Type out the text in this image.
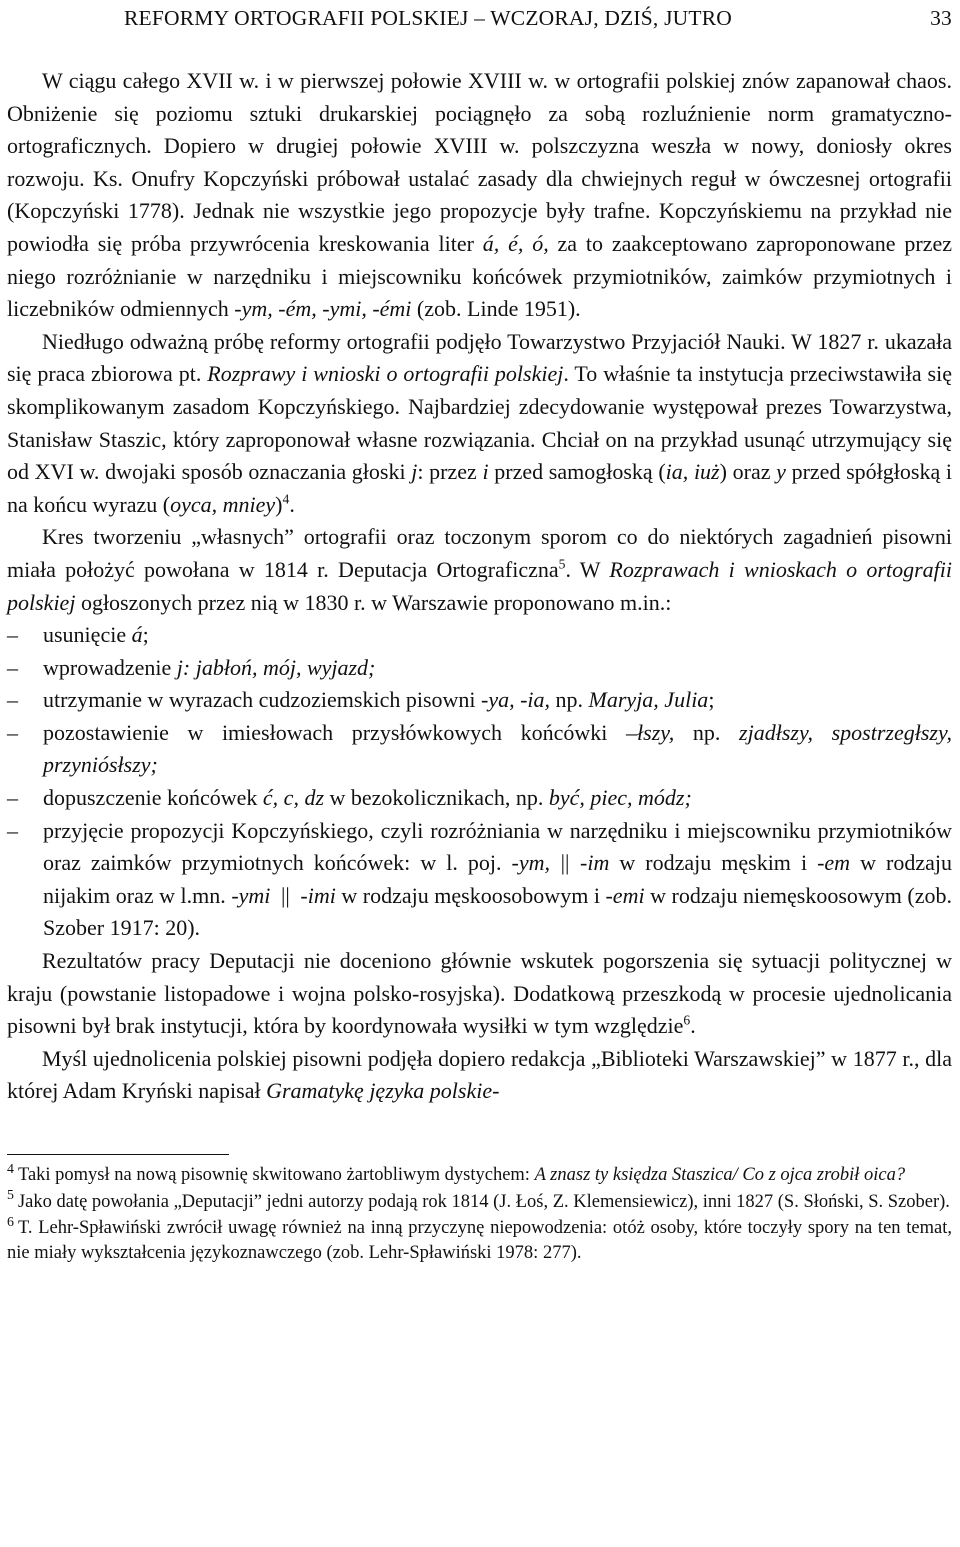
REFORMY ORTOGRAFII POLSKIEJ – WCZORAJ, DZIŚ, JUTRO	33

W ciągu całego XVII w. i w pierwszej połowie XVIII w. w ortografii polskiej znów zapanował chaos. Obniżenie się poziomu sztuki drukarskiej pociągnęło za sobą rozluźnienie norm gramatyczno-ortograficznych. Dopiero w drugiej połowie XVIII w. polszczyzna weszła w nowy, doniosły okres rozwoju. Ks. Onufry Kopczyński próbował ustalać zasady dla chwiejnych reguł w ówczesnej ortografii (Kopczyński 1778). Jednak nie wszystkie jego propozycje były trafne. Kopczyńskiemu na przykład nie powiodła się próba przywrócenia kreskowania liter á, é, ó, za to zaakceptowano zaproponowane przez niego rozróżnianie w narzędniku i miejscowniku końcówek przymiotników, zaimków przymiotnych i liczebników odmiennych -ym, -ém, -ymi, -émi (zob. Linde 1951).

Niedługo odważną próbę reformy ortografii podjęło Towarzystwo Przyjaciół Nauki. W 1827 r. ukazała się praca zbiorowa pt. Rozprawy i wnioski o ortografii polskiej. To właśnie ta instytucja przeciwstawiła się skomplikowanym zasadom Kopczyńskiego. Najbardziej zdecydowanie występował prezes Towarzystwa, Stanisław Staszic, który zaproponował własne rozwiązania. Chciał on na przykład usunąć utrzymujący się od XVI w. dwojaki sposób oznaczania głoski j: przez i przed samogłoską (ia, iuż) oraz y przed spółgłoską i na końcu wyrazu (oyca, mniey)$^4$.

Kres tworzeniu „własnych” ortografii oraz toczonym sporom co do niektórych zagadnień pisowni miała położyć powołana w 1814 r. Deputacja Ortograficzna$^5$. W Rozprawach i wnioskach o ortografii polskiej ogłoszonych przez nią w 1830 r. w Warszawie proponowano m.in.:

– usunięcie á;
– wprowadzenie j: jabłoń, mój, wyjazd;
– utrzymanie w wyrazach cudzoziemskich pisowni -ya, -ia, np. Maryja, Julia;
– pozostawienie w imiesłowach przysłówkowych końcówki –łszy, np. zjadłszy, spostrzegłszy, przyniósłszy;
– dopuszczenie końcówek ć, c, dz w bezokolicznikach, np. być, piec, módz;
– przyjęcie propozycji Kopczyńskiego, czyli rozróżniania w narzędniku i miejscowniku przymiotników oraz zaimków przymiotnych końcówek: w l. poj. -ym, || -im w rodzaju męskim i -em w rodzaju nijakim oraz w l.mn. -ymi || -imi w rodzaju męskoosobowym i -emi w rodzaju niemęskoosowym (zob. Szober 1917: 20).

Rezultatów pracy Deputacji nie doceniono głównie wskutek pogorszenia się sytuacji politycznej w kraju (powstanie listopadowe i wojna polsko-rosyjska). Dodatkową przeszkodą w procesie ujednolicania pisowni był brak instytucji, która by koordynowała wysiłki w tym względzie$^6$.

Myśl ujednolicenia polskiej pisowni podjęła dopiero redakcja „Biblioteki Warszawskiej” w 1877 r., dla której Adam Kryński napisał Gramatykę języka polskie-

$^4$ Taki pomysł na nową pisownię skwitowano żartobliwym dystychem: A znasz ty księdza Staszica/ Co z ojca zrobił oica?

$^5$ Jako datę powołania „Deputacji” jedni autorzy podają rok 1814 (J. Łoś, Z. Klemensiewicz), inni 1827 (S. Słoński, S. Szober).

$^6$ T. Lehr-Spławiński zwrócił uwagę również na inną przyczynę niepowodzenia: otóż osoby, które toczyły spory na ten temat, nie miały wykształcenia językoznawczego (zob. Lehr-Spławiński 1978: 277).
